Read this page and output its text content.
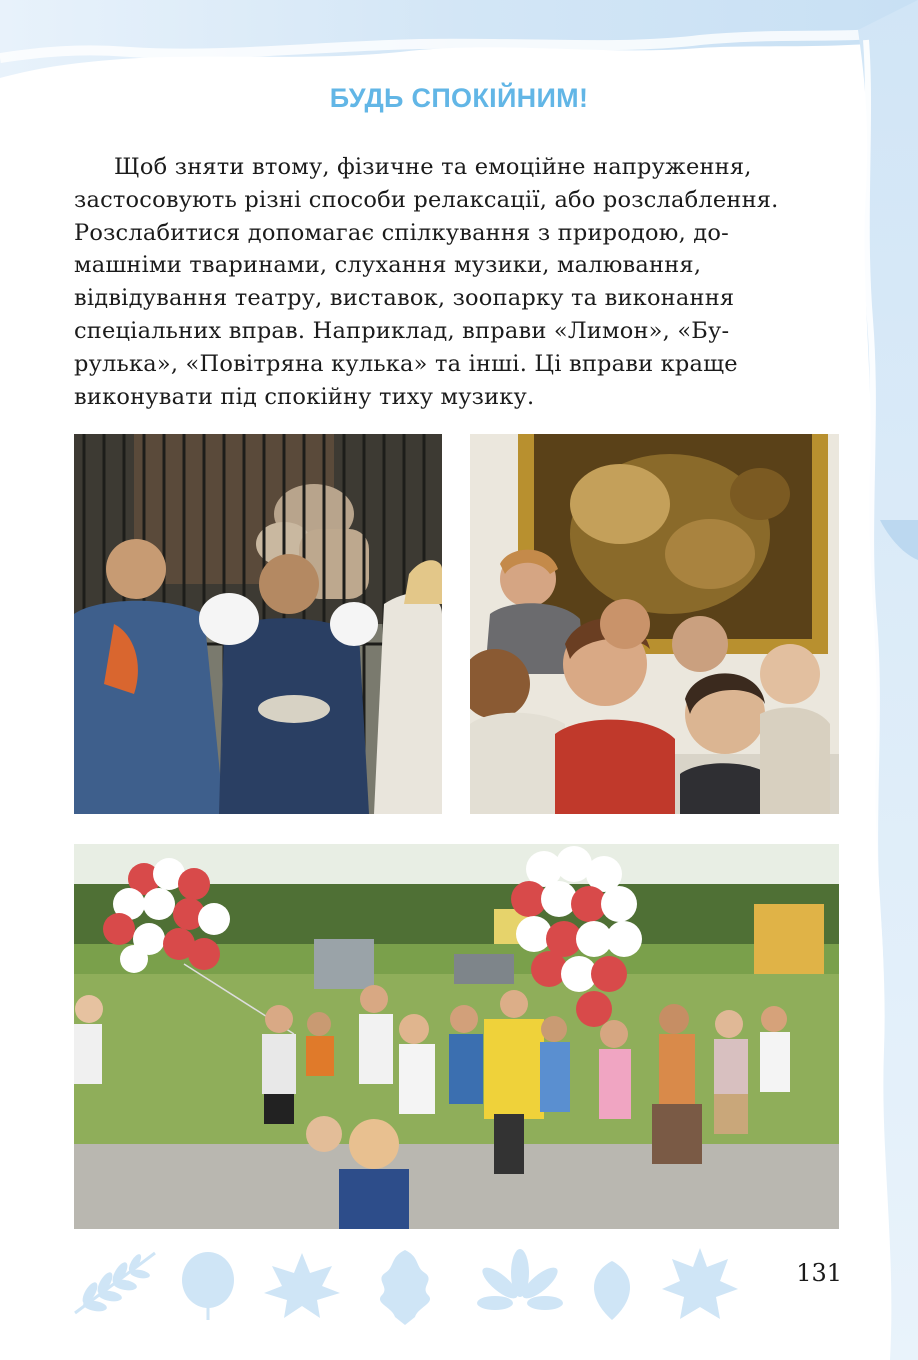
БУДЬ СПОКІЙНИМ!
Щоб зняти втому, фізичне та емоційне напруження,
застосовують різні способи релаксації, або розслаблення.
Розслабитися допомагає спілкування з природою, до-
машніми тваринами, слухання музики, малювання,
відвідування театру, виставок, зоопарку та виконання
спеціальних вправ. Наприклад, вправи «Лимон», «Бу-
рулька», «Повітряна кулька» та інші. Ці вправи краще
виконувати під спокійну тиху музику.
131
